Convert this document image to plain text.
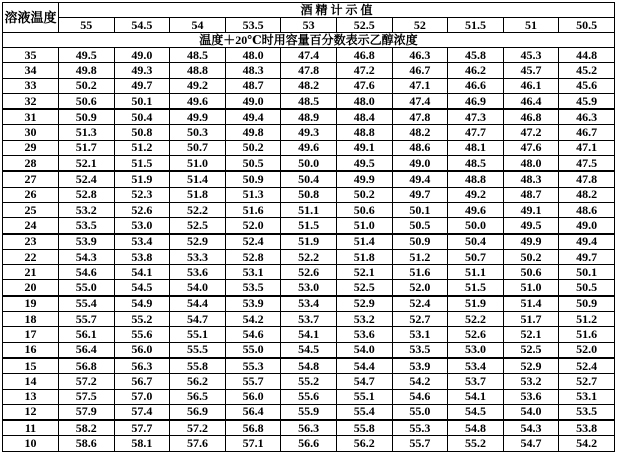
溶液温度	酒 精 计 示 值									
	55	54.5	54	53.5	53	52.5	52	51.5	51	50.5
温度＋20℃时用容量百分数表示乙醇浓度										
35	49.5	49.0	48.5	48.0	47.4	46.8	46.3	45.8	45.3	44.8
34	49.8	49.3	48.8	48.3	47.8	47.2	46.7	46.2	45.7	45.2
33	50.2	49.7	49.2	48.7	48.2	47.6	47.1	46.6	46.1	45.6
32	50.6	50.1	49.6	49.0	48.5	48.0	47.4	46.9	46.4	45.9
31	50.9	50.4	49.9	49.4	48.9	48.4	47.8	47.3	46.8	46.3
30	51.3	50.8	50.3	49.8	49.3	48.8	48.2	47.7	47.2	46.7
29	51.7	51.2	50.7	50.2	49.6	49.1	48.6	48.1	47.6	47.1
28	52.1	51.5	51.0	50.5	50.0	49.5	49.0	48.5	48.0	47.5
27	52.4	51.9	51.4	50.9	50.4	49.9	49.4	48.8	48.3	47.8
26	52.8	52.3	51.8	51.3	50.8	50.2	49.7	49.2	48.7	48.2
25	53.2	52.6	52.2	51.6	51.1	50.6	50.1	49.6	49.1	48.6
24	53.5	53.0	52.5	52.0	51.5	51.0	50.5	50.0	49.5	49.0
23	53.9	53.4	52.9	52.4	51.9	51.4	50.9	50.4	49.9	49.4
22	54.3	53.8	53.3	52.8	52.2	51.8	51.2	50.7	50.2	49.7
21	54.6	54.1	53.6	53.1	52.6	52.1	51.6	51.1	50.6	50.1
20	55.0	54.5	54.0	53.5	53.0	52.5	52.0	51.5	51.0	50.5
19	55.4	54.9	54.4	53.9	53.4	52.9	52.4	51.9	51.4	50.9
18	55.7	55.2	54.7	54.2	53.7	53.2	52.7	52.2	51.7	51.2
17	56.1	55.6	55.1	54.6	54.1	53.6	53.1	52.6	52.1	51.6
16	56.4	56.0	55.5	55.0	54.5	54.0	53.5	53.0	52.5	52.0
15	56.8	56.3	55.8	55.3	54.8	54.4	53.9	53.4	52.9	52.4
14	57.2	56.7	56.2	55.7	55.2	54.7	54.2	53.7	53.2	52.7
13	57.5	57.0	56.5	56.0	55.6	55.1	54.6	54.1	53.6	53.1
12	57.9	57.4	56.9	56.4	55.9	55.4	55.0	54.5	54.0	53.5
11	58.2	57.7	57.2	56.8	56.3	55.8	55.3	54.8	54.3	53.8
10	58.6	58.1	57.6	57.1	56.6	56.2	55.7	55.2	54.7	54.2
